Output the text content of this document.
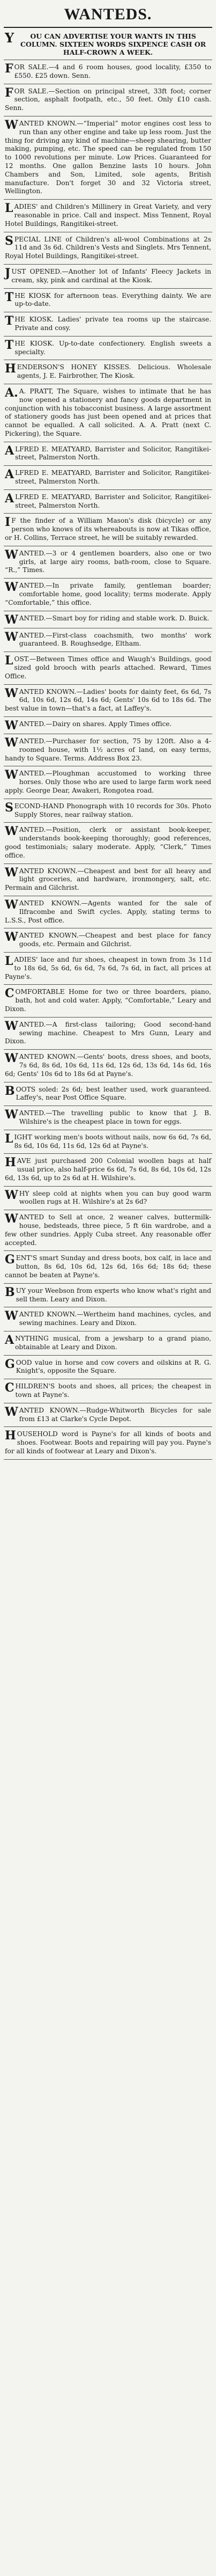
WANTEDS.

YOU CAN ADVERTISE YOUR WANTS IN THIS COLUMN. SIXTEEN WORDS SIXPENCE CASH OR HALF-CROWN A WEEK.

FOR SALE.—4 and 6 room houses, good locality, £350 to £550. £25 down. Senn.

FOR SALE.—Section on principal street, 33ft foot; corner section, asphalt footpath, etc., 50 feet. Only £10 cash. Senn.

WANTED KNOWN.—“Imperial” motor engines cost less to run than any other engine and take up less room. Just the thing for driving any kind of machine—sheep shearing, butter making, pumping, etc. The speed can be regulated from 150 to 1000 revolutions per minute. Low Prices. Guaranteed for 12 months. One gallon Benzine lasts 10 hours. John Chambers and Son, Limited, sole agents, British manufacture. Don't forget 30 and 32 Victoria street, Wellington.

LADIES' and Children's Millinery in Great Variety, and very reasonable in price. Call and inspect. Miss Tennent, Royal Hotel Buildings, Rangitikei-street.

SPECIAL LINE of Children's all-wool Combinations at 2s 11d and 3s 6d. Children's Vests and Singlets. Mrs Tennent, Royal Hotel Buildings, Rangitikei-street.

JUST OPENED.—Another lot of Infants' Fleecy Jackets in cream, sky, pink and cardinal at the Kiosk.

THE KIOSK for afternoon teas. Everything dainty. We are up-to-date.

THE KIOSK. Ladies' private tea rooms up the staircase. Private and cosy.

THE KIOSK. Up-to-date confectionery. English sweets a specialty.

HENDERSON'S HONEY KISSES. Delicious. Wholesale agents, J. E. Fairbrother, The Kiosk.

A.A. PRATT, The Square, wishes to intimate that he has now opened a stationery and fancy goods department in conjunction with his tobacconist business. A large assortment of stationery goods has just been opened and at prices that cannot be equalled. A call solicited. A. A. Pratt (next C. Pickering), the Square.

ALFRED E. MEATYARD, Barrister and Solicitor, Rangitikei-street, Palmerston North.

ALFRED E. MEATYARD, Barrister and Solicitor, Rangitikei-street, Palmerston North.

ALFRED E. MEATYARD, Barrister and Solicitor, Rangitikei-street, Palmerston North.

IF the finder of a William Mason's disk (bicycle) or any person who knows of its whereabouts is now at Tikas office, or H. Collins, Terrace street, he will be suitably rewarded.

WANTED.—3 or 4 gentlemen boarders, also one or two girls, at large airy rooms, bath-room, close to Square. “R.,” Times.

WANTED.—In private family, gentleman boarder; comfortable home, good locality; terms moderate. Apply “Comfortable,” this office.

WANTED.—Smart boy for riding and stable work. D. Buick.

WANTED.—First-class coachsmith, two months' work guaranteed. B. Roughsedge, Eltham.

LOST.—Between Times office and Waugh's Buildings, good sized gold brooch with pearls attached. Reward, Times Office.

WANTED KNOWN.—Ladies' boots for dainty feet, 6s 6d, 7s 6d, 10s 6d, 12s 6d, 14s 6d; Gents' 10s 6d to 18s 6d. The best value in town—that's a fact, at Laffey's.

WANTED.—Dairy on shares. Apply Times office.

WANTED.—Purchaser for section, 75 by 120ft. Also a 4-roomed house, with 1½ acres of land, on easy terms, handy to Square. Terms. Address Box 23.

WANTED.—Ploughman accustomed to working three horses. Only those who are used to large farm work need apply. George Dear, Awakeri, Rongotea road.

SECOND-HAND Phonograph with 10 records for 30s. Photo Supply Stores, near railway station.

WANTED.—Position, clerk or assistant book-keeper, understands book-keeping thoroughly; good references, good testimonials; salary moderate. Apply, “Clerk,” Times office.

WANTED KNOWN.—Cheapest and best for all heavy and light groceries, and hardware, ironmongery, salt, etc. Permain and Gilchrist.

WANTED KNOWN.—Agents wanted for the sale of Ilfracombe and Swift cycles. Apply, stating terms to L.S.S., Post office.

WANTED KNOWN.—Cheapest and best place for fancy goods, etc. Permain and Gilchrist.

LADIES' lace and fur shoes, cheapest in town from 3s 11d to 18s 6d, 5s 6d, 6s 6d, 7s 6d, 7s 6d, in fact, all prices at Payne's.

COMFORTABLE Home for two or three boarders, piano, bath, hot and cold water. Apply, “Comfortable,” Leary and Dixon.

WANTED.—A first-class tailoring; Good second-hand sewing machine. Cheapest to Mrs Gunn, Leary and Dixon.

WANTED KNOWN.—Gents' boots, dress shoes, and boots, 7s 6d, 8s 6d, 10s 6d, 11s 6d, 12s 6d, 13s 6d, 14s 6d, 16s 6d; Gents' 10s 6d to 18s 6d at Payne's.

BOOTS soled: 2s 6d; best leather used, work guaranteed. Laffey's, near Post Office Square.

WANTED.—The travelling public to know that J. B. Wilshire's is the cheapest place in town for eggs.

LIGHT working men's boots without nails, now 6s 6d, 7s 6d, 8s 6d, 10s 6d, 11s 6d, 12s 6d at Payne's.

HAVE just purchased 200 Colonial woollen bags at half usual price, also half-price 6s 6d, 7s 6d, 8s 6d, 10s 6d, 12s 6d, 13s 6d, up to 2s 6d at H. Wilshire's.

WHY sleep cold at nights when you can buy good warm woollen rugs at H. Wilshire's at 2s 6d?

WANTED to Sell at once, 2 weaner calves, buttermilk-house, bedsteads, three piece, 5 ft 6in wardrobe, and a few other sundries. Apply Cuba street. Any reasonable offer accepted.

GENT'S smart Sunday and dress boots, box calf, in lace and button, 8s 6d, 10s 6d, 12s 6d, 16s 6d; 18s 6d; these cannot be beaten at Payne's.

BUY your Weebson from experts who know what's right and sell them. Leary and Dixon.

WANTED KNOWN.—Wertheim hand machines, cycles, and sewing machines. Leary and Dixon.

ANYTHING musical, from a jewsharp to a grand piano, obtainable at Leary and Dixon.

GOOD value in horse and cow covers and oilskins at R. G. Knight's, opposite the Square.

CHILDREN'S boots and shoes, all prices; the cheapest in town at Payne's.

WANTED KNOWN.—Rudge-Whitworth Bicycles for sale from £13 at Clarke's Cycle Depot.

HOUSEHOLD word is Payne's for all kinds of boots and shoes. Footwear. Boots and repairing will pay you. Payne's for all kinds of footwear at Leary and Dixon's.
